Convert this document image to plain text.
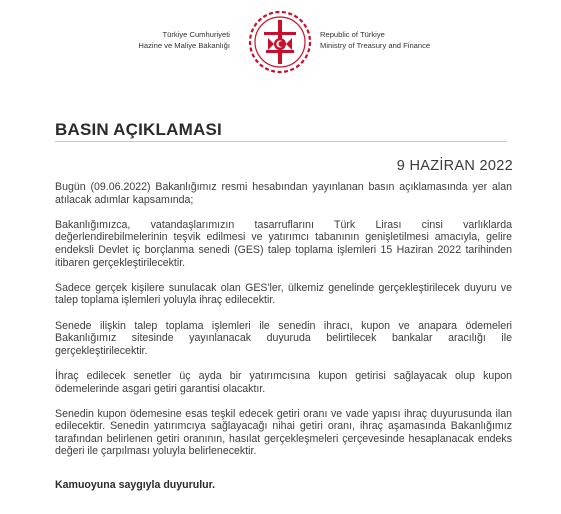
Türkiye Cumhuriyeti
Hazine ve Maliye Bakanlığı
Republic of Türkiye
Ministry of Treasury and Finance
BASIN AÇIKLAMASI
9 HAZİRAN 2022

Bugün (09.06.2022) Bakanlığımız resmi hesabından yayınlanan basın açıklamasında yer alan atılacak adımlar kapsamında;

Bakanlığımızca, vatandaşlarımızın tasarruflarını Türk Lirası cinsi varlıklarda değerlendirebilmelerinin teşvik edilmesi ve yatırımcı tabanının genişletilmesi amacıyla, gelire endeksli Devlet iç borçlanma senedi (GES) talep toplama işlemleri 15 Haziran 2022 tarihinden itibaren gerçekleştirilecektir.

Sadece gerçek kişilere sunulacak olan GES'ler, ülkemiz genelinde gerçekleştirilecek duyuru ve talep toplama işlemleri yoluyla ihraç edilecektir.

Senede ilişkin talep toplama işlemleri ile senedin ihracı, kupon ve anapara ödemeleri Bakanlığımız sitesinde yayınlanacak duyuruda belirtilecek bankalar aracılığı ile gerçekleştirilecektir.

İhraç edilecek senetler üç ayda bir yatırımcısına kupon getirisi sağlayacak olup kupon ödemelerinde asgari getiri garantisi olacaktır.

Senedin kupon ödemesine esas teşkil edecek getiri oranı ve vade yapısı ihraç duyurusunda ilan edilecektir. Senedin yatırımcıya sağlayacağı nihai getiri oranı, ihraç aşamasında Bakanlığımız tarafından belirlenen getiri oranının, hasılat gerçekleşmeleri çerçevesinde hesaplanacak endeks değeri ile çarpılması yoluyla belirlenecektir.

Kamuoyuna saygıyla duyurulur.
